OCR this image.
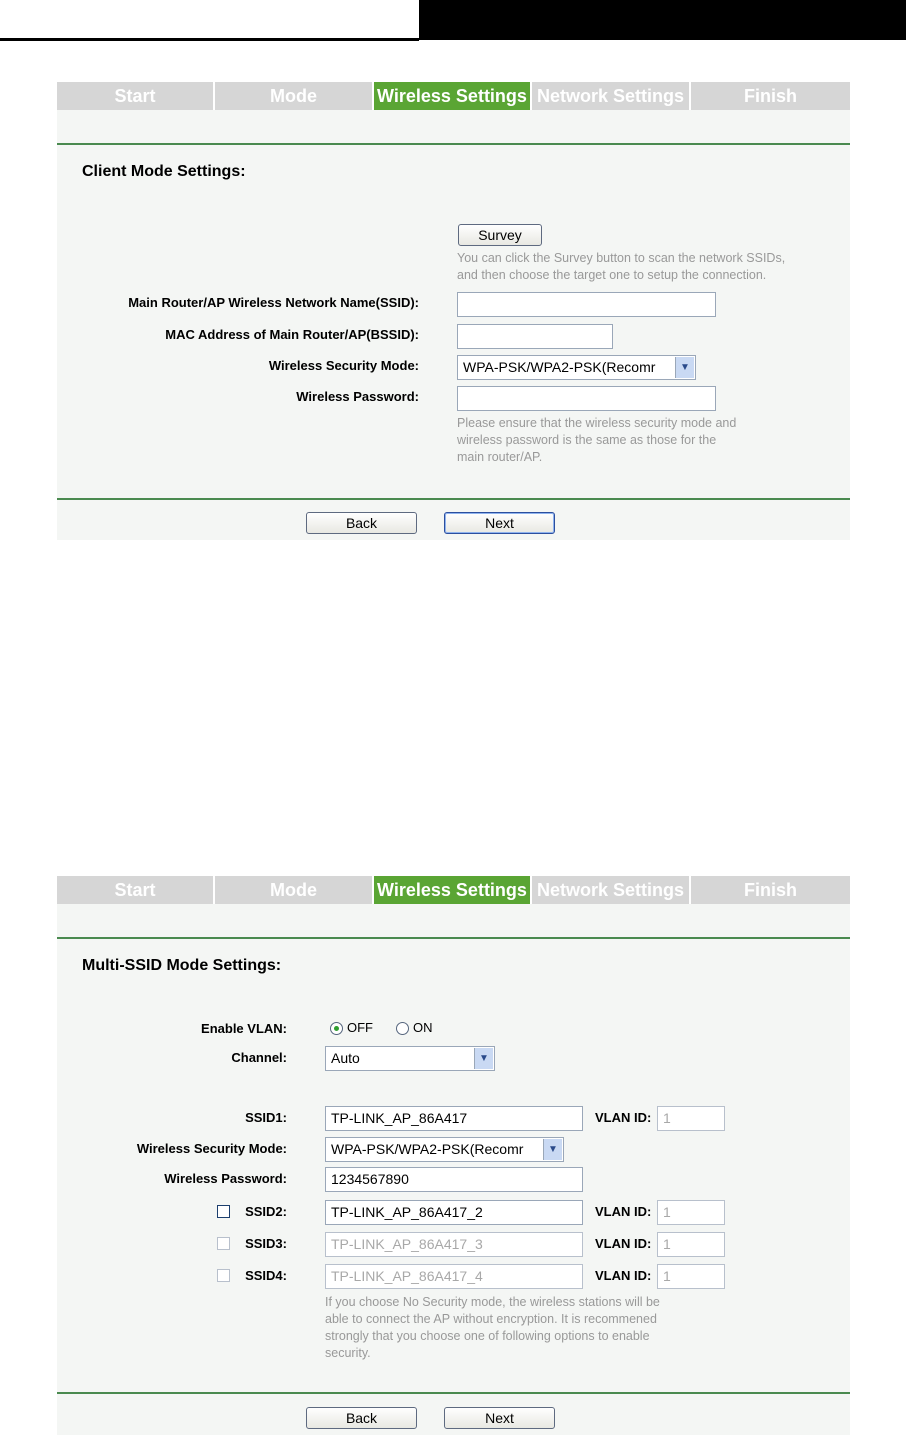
Start	Mode	Wireless Settings Network Settings	Finish
Client Mode Settings:
Survey
You can click the Survey button to scan the network SSIDs,
and then choose the target one to setup the connection.
Main Router/AP Wireless Network Name(SSID):
MAC Address of Main Router/AP(BSSID):
Wireless Security Mode:	WPA-PSK/WPA2-PSK(Recomr	▼
Wireless Password:
Please ensure that the wireless security mode and
wireless password is the same as those for the
main router/AP.
Back	Next
Start	Mode	Wireless Settings Network Settings	Finish
Multi-SSID Mode Settings:
Enable VLAN:	OFF	ON
Channel:	Auto	▼
SSID1:	TP-LINK_AP_86A417	VLAN ID: 1
Wireless Security Mode:	WPA-PSK/WPA2-PSK(Recomr	▼
Wireless Password:	1234567890
SSID2:	TP-LINK_AP_86A417_2	VLAN ID: 1
SSID3:	TP-LINK_AP_86A417_3	VLAN ID: 1
SSID4:	TP-LINK_AP_86A417_4	VLAN ID: 1
If you choose No Security mode, the wireless stations will be
able to connect the AP without encryption. It is recommened
strongly that you choose one of following options to enable
security.
Back	Next
